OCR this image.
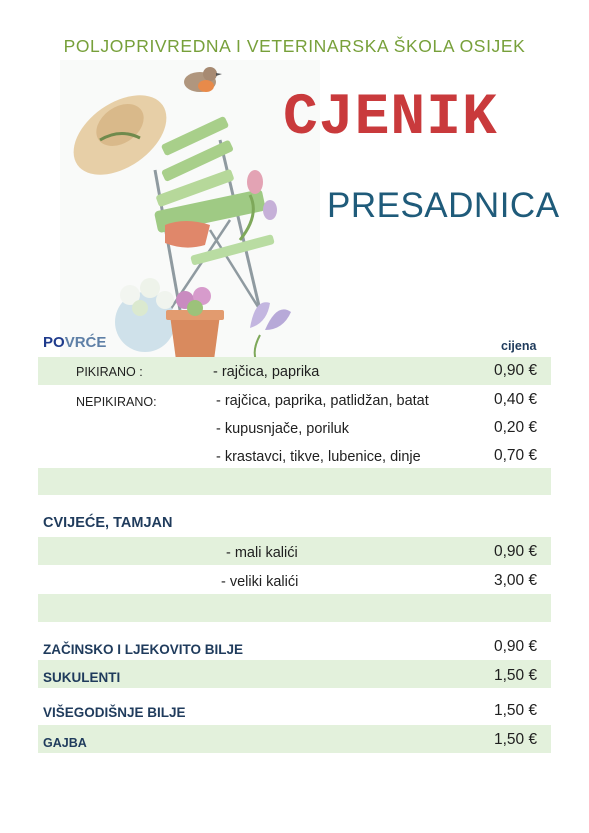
POLJOPRIVREDNA I VETERINARSKA ŠKOLA OSIJEK
CJENIK
PRESADNICA
POVRĆE	cijena
PIKIRANO :	- rajčica, paprika	0,90 €
NEPIKIRANO:	- rajčica, paprika, patlidžan, batat	0,40 €
- kupusnjače, poriluk	0,20 €
- krastavci, tikve, lubenice, dinje	0,70 €
CVIJEĆE, TAMJAN
- mali kalići	0,90 €
- veliki kalići	3,00 €
ZAČINSKO I LJEKOVITO BILJE	0,90 €
SUKULENTI	1,50 €
VIŠEGODIŠNJE BILJE	1,50 €
GAJBA	1,50 €
